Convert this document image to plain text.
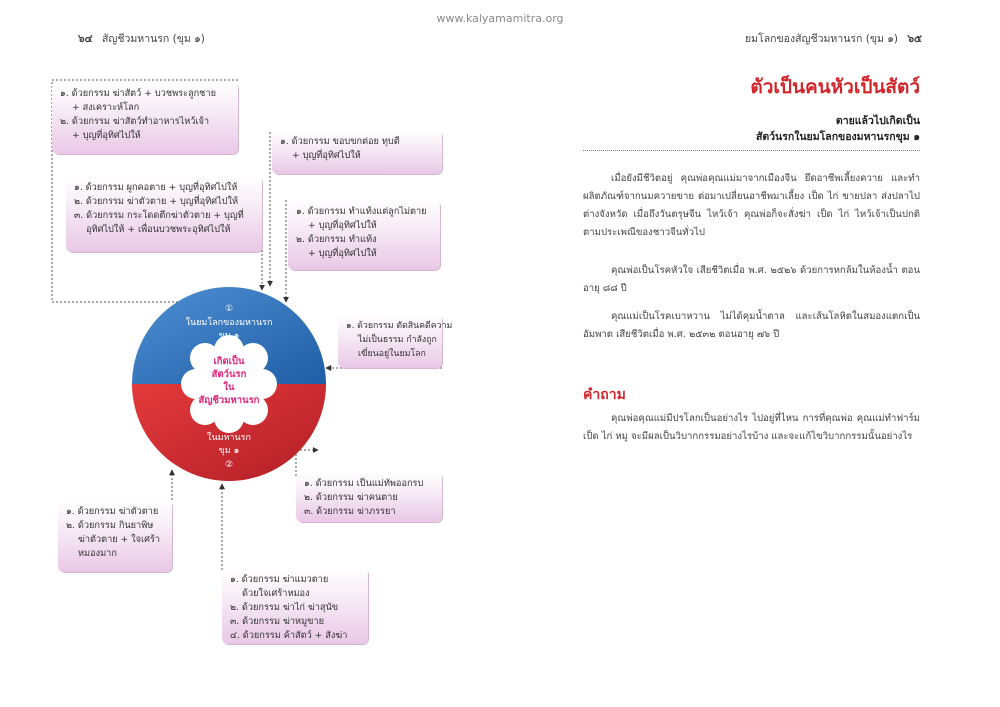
www.kalyamamitra.org
๖๔ สัญชีวมหานรก (ขุม ๑)	ยมโลกของสัญชีวมหานรก (ขุม ๑) ๖๕
①
ในยมโลกของมหานรก
ขุม ๑
ในมหานรก
ขุม ๑
②
เกิดเป็น
สัตว์นรก
ใน
สัญชีวมหานรก
๑. ด้วยกรรม ฆ่าสัตว์ + บวชพระลูกชาย
+ สงเคราะห์โลก
๒. ด้วยกรรม ฆ่าสัตว์ทำอาหารไหว้เจ้า
+ บุญที่อุทิศไปให้
๑. ด้วยกรรม ผูกคอตาย + บุญที่อุทิศไปให้
๒. ด้วยกรรม ฆ่าตัวตาย + บุญที่อุทิศไปให้
๓. ด้วยกรรม กระโดดตึกฆ่าตัวตาย + บุญที่
อุทิศไปให้ + เพื่อนบวชพระอุทิศไปให้
๑. ด้วยกรรม ขอบขกต่อย ทุบตี
+ บุญที่อุทิศไปให้
๑. ด้วยกรรม ทำแท้งแต่ลูกไม่ตาย
+ บุญที่อุทิศไปให้
๒. ด้วยกรรม ทำแท้ง
+ บุญที่อุทิศไปให้
๑. ด้วยกรรม ตัดสินคดีความ
ไม่เป็นธรรม กำลังถูก
เฆี่ยนอยู่ในยมโลก
๑. ด้วยกรรม ฆ่าตัวตาย
๒. ด้วยกรรม กินยาพิษ
ฆ่าตัวตาย + ใจเศร้า
หมองมาก
๑. ด้วยกรรม เป็นแม่ทัพออกรบ
๒. ด้วยกรรม ฆ่าคนตาย
๓. ด้วยกรรม ฆ่าภรรยา
๑. ด้วยกรรม ฆ่าแมวตาย
ด้วยใจเศร้าหมอง
๒. ด้วยกรรม ฆ่าไก่ ฆ่าสุนัข
๓. ด้วยกรรม ฆ่าหมูขาย
๔. ด้วยกรรม ค้าสัตว์ + สังฆ่า
ตัวเป็นคนหัวเป็นสัตว์
ตายแล้วไปเกิดเป็น
สัตว์นรกในยมโลกของมหานรกขุม ๑
เมื่อยังมีชีวิตอยู่ คุณพ่อคุณแม่มาจากเมืองจีน ยึดอาชีพเลี้ยงควาย และทำผลิตภัณฑ์จากนมควายขาย ต่อมาเปลี่ยนอาชีพมาเลี้ยง เป็ด ไก่ ขายปลา ส่งปลาไปต่างจังหวัด เมื่อถึงวันตรุษจีน ไหว้เจ้า คุณพ่อก็จะสั่งฆ่า เป็ด ไก่ ไหว้เจ้าเป็นปกติตามประเพณีของชาวจีนทั่วไป
คุณพ่อเป็นโรคหัวใจ เสียชีวิตเมื่อ พ.ศ. ๒๕๒๖ ด้วยการหกล้มในห้องน้ำ ตอนอายุ ๘๘ ปี
คุณแม่เป็นโรคเบาหวาน ไม่ได้คุมน้ำตาล และเส้นโลหิตในสมองแตกเป็นอัมพาต เสียชีวิตเมื่อ พ.ศ. ๒๕๓๒ ตอนอายุ ๗๖ ปี
คำถาม
คุณพ่อคุณแม่มีปรโลกเป็นอย่างไร ไปอยู่ที่ไหน การที่คุณพ่อ คุณแม่ทำฟาร์ม เป็ด ไก่ หมู จะมีผลเป็นวิบากกรรมอย่างไรบ้าง และจะแก้ไขวิบากกรรมนั้นอย่างไร
